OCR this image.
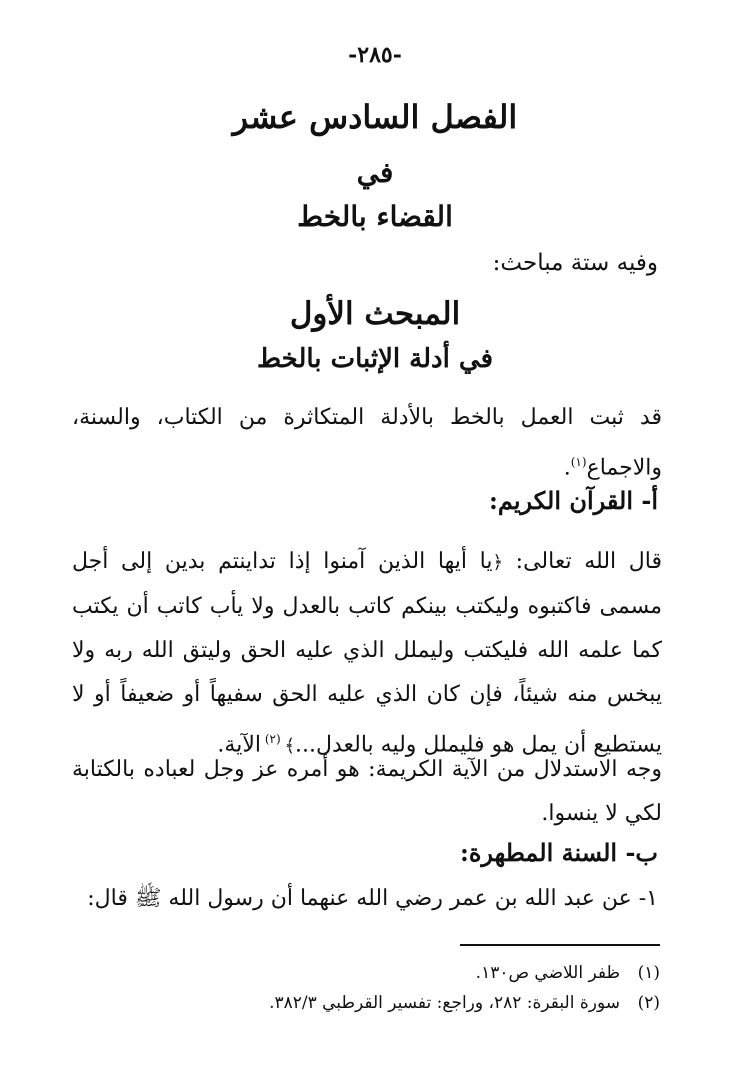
-٢٨٥-
الفصل السادس عشر
في
القضاء بالخط
وفيه ستة مباحث:
المبحث الأول
في أدلة الإثبات بالخط
قد ثبت العمل بالخط بالأدلة المتكاثرة من الكتاب، والسنة، والاجماع$^{(١)}$.
أ- القرآن الكريم:
قال الله تعالى: ﴿يا أيها الذين آمنوا إذا تداينتم بدين إلى أجل مسمى فاكتبوه وليكتب بينكم كاتب بالعدل ولا يأب كاتب أن يكتب كما علمه الله فليكتب وليملل الذي عليه الحق وليتق الله ربه ولا يبخس منه شيئاً، فإن كان الذي عليه الحق سفيهاً أو ضعيفاً أو لا يستطيع أن يمل هو فليملل وليه بالعدل...﴾ $^{(٢)}$ الآية.
وجه الاستدلال من الآية الكريمة: هو أمره عز وجل لعباده بالكتابة لكي لا ينسوا.
ب- السنة المطهرة:
١- عن عبد الله بن عمر رضي الله عنهما أن رسول الله ﷺ قال:
(١)ظفر اللاضي ص١٣٠.
(٢)سورة البقرة: ٢٨٢، وراجع: تفسير القرطبي ٣٨٢/٣.
